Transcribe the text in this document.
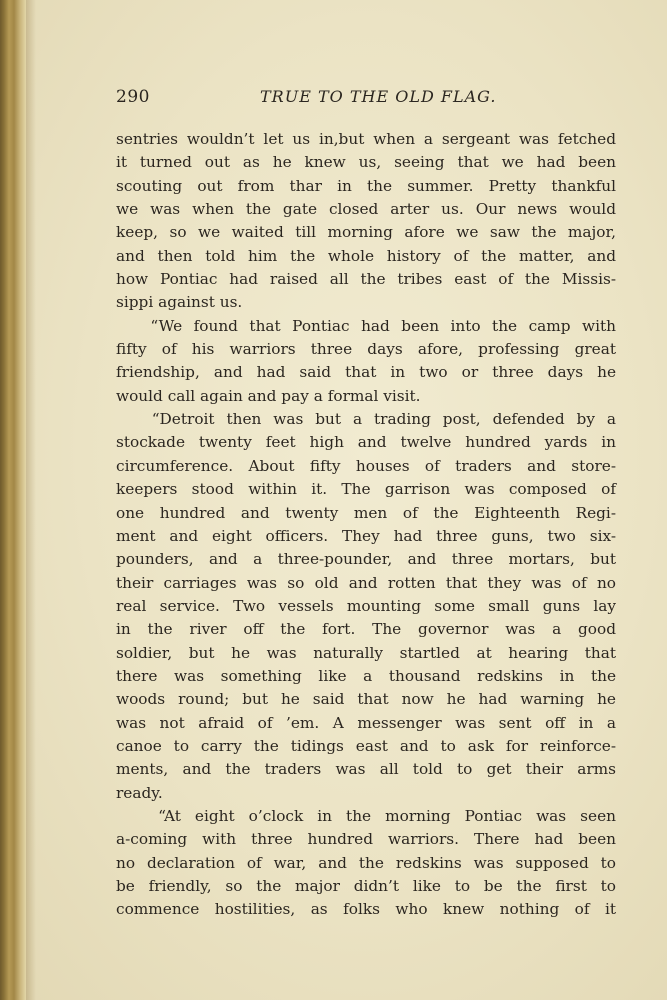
290	TRUE TO THE OLD FLAG.
sentries wouldn’t let us in,but when a sergeant was fetched
it turned out as he knew us, seeing that we had been
scouting out from thar in the summer. Pretty thankful
we was when the gate closed arter us. Our news would
keep, so we waited till morning afore we saw the major,
and then told him the whole history of the matter, and
how Pontiac had raised all the tribes east of the Missis-
sippi against us.
“We found that Pontiac had been into the camp with
fifty of his warriors three days afore, professing great
friendship, and had said that in two or three days he
would call again and pay a formal visit.
“Detroit then was but a trading post, defended by a
stockade twenty feet high and twelve hundred yards in
circumference. About fifty houses of traders and store-
keepers stood within it. The garrison was composed of
one hundred and twenty men of the Eighteenth Regi-
ment and eight officers. They had three guns, two six-
pounders, and a three-pounder, and three mortars, but
their carriages was so old and rotten that they was of no
real service. Two vessels mounting some small guns lay
in the river off the fort. The governor was a good
soldier, but he was naturally startled at hearing that
there was something like a thousand redskins in the
woods round; but he said that now he had warning he
was not afraid of ’em. A messenger was sent off in a
canoe to carry the tidings east and to ask for reinforce-
ments, and the traders was all told to get their arms
ready.
“At eight o’clock in the morning Pontiac was seen
a-coming with three hundred warriors. There had been
no declaration of war, and the redskins was supposed to
be friendly, so the major didn’t like to be the first to
commence hostilities, as folks who knew nothing of it
